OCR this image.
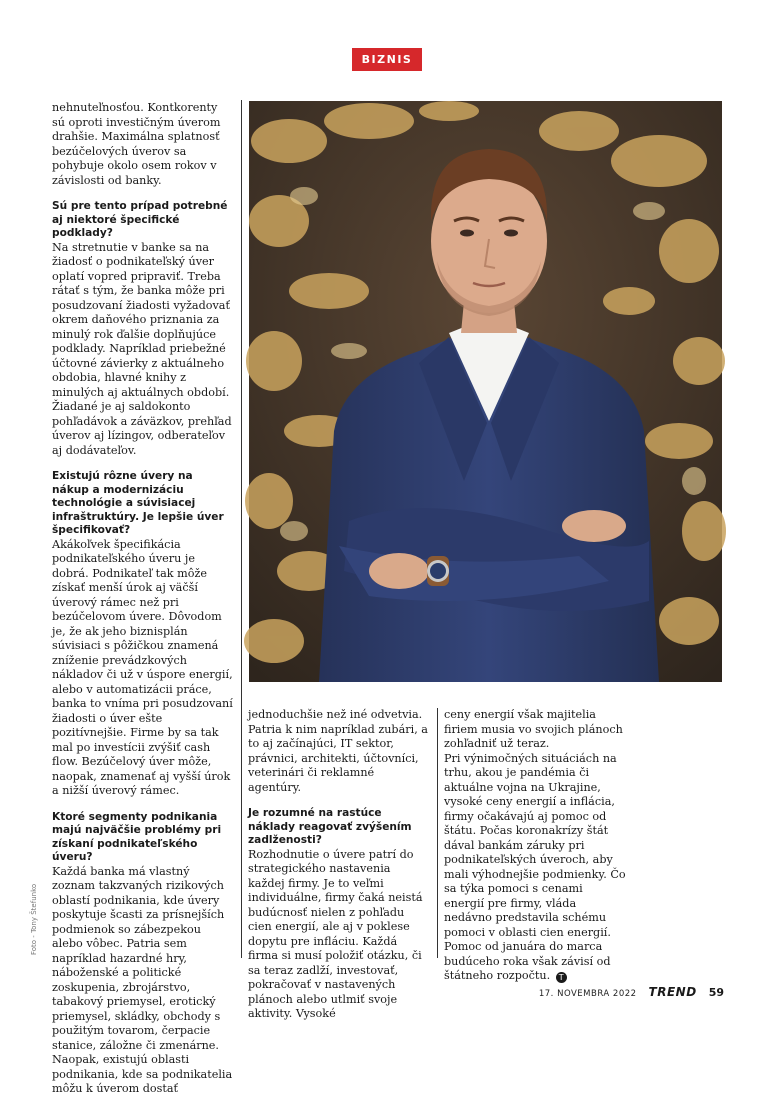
BIZNIS

nehnuteľnosťou. Kontkorenty sú oproti investičným úverom drahšie. Maximálna splatnosť bezúčelových úverov sa pohybuje okolo osem rokov v závislosti od banky.

Sú pre tento prípad potrebné aj niektoré špecifické podklady?

Na stretnutie v banke sa na žiadosť o podnikateľský úver oplatí vopred pripraviť. Treba rátať s tým, že banka môže pri posudzovaní žiadosti vyžadovať okrem daňového priznania za minulý rok ďalšie doplňujúce podklady. Napríklad priebežné účtovné závierky z aktuálneho obdobia, hlavné knihy z minulých aj aktuálnych období. Žiadané je aj saldokonto pohľadávok a záväzkov, prehľad úverov aj lízingov, odberateľov aj dodávateľov.

Existujú rôzne úvery na nákup a modernizáciu technológie a súvisiacej infraštruktúry. Je lepšie úver špecifikovať?

Akákoľvek špecifikácia podnikateľského úveru je dobrá. Podnikateľ tak môže získať menší úrok aj väčší úverový rámec než pri bezúčelovom úvere. Dôvodom je, že ak jeho biznisplán súvisiaci s pôžičkou znamená zníženie prevádzkových nákladov či už v úspore energií, alebo v automatizácii práce, banka to vníma pri posudzovaní žiadosti o úver ešte pozitívnejšie. Firme by sa tak mal po investícii zvýšiť cash flow. Bezúčelový úver môže, naopak, znamenať aj vyšší úrok a nižší úverový rámec.

Ktoré segmenty podnikania majú najväčšie problémy pri získaní podnikateľského úveru?

Každá banka má vlastný zoznam takzvaných rizikových oblastí podnikania, kde úvery poskytuje šcasti za prísnejších podmienok so zábezpekou alebo vôbec. Patria sem napríklad hazardné hry, náboženské a politické zoskupenia, zbrojárstvo, tabakový priemysel, erotický priemysel, skládky, obchody s použitým tovarom, čerpacie stanice, záložne či zmenárne.

Naopak, existujú oblasti podnikania, kde sa podnikatelia môžu k úverom dostať

jednoduchšie než iné odvetvia. Patria k nim napríklad zubári, a to aj začínajúci, IT sektor, právnici, architekti, účtovníci, veterinári či reklamné agentúry.

Je rozumné na rastúce náklady reagovať zvýšením zadlženosti?

Rozhodnutie o úvere patrí do strategického nastavenia každej firmy. Je to veľmi individuálne, firmy čaká neistá budúcnosť nielen z pohľadu cien energií, ale aj v poklese dopytu pre infláciu. Každá firma si musí položiť otázku, či sa teraz zadlží, investovať, pokračovať v nastavených plánoch alebo utlmiť svoje aktivity. Vysoké

ceny energií však majitelia firiem musia vo svojich plánoch zohľadniť už teraz.

Pri výnimočných situáciách na trhu, akou je pandémia či aktuálne vojna na Ukrajine, vysoké ceny energií a inflácia, firmy očakávajú aj pomoc od štátu. Počas koronakrízy štát dával bankám záruky pri podnikateľských úveroch, aby mali výhodnejšie podmienky. Čo sa týka pomoci s cenami energií pre firmy, vláda nedávno predstavila schému pomoci v oblasti cien energií. Pomoc od januára do marca budúceho roka však závisí od štátneho rozpočtu. T

Foto - Tony Štefunko
17. NOVEMBRA 2022 TREND 59
